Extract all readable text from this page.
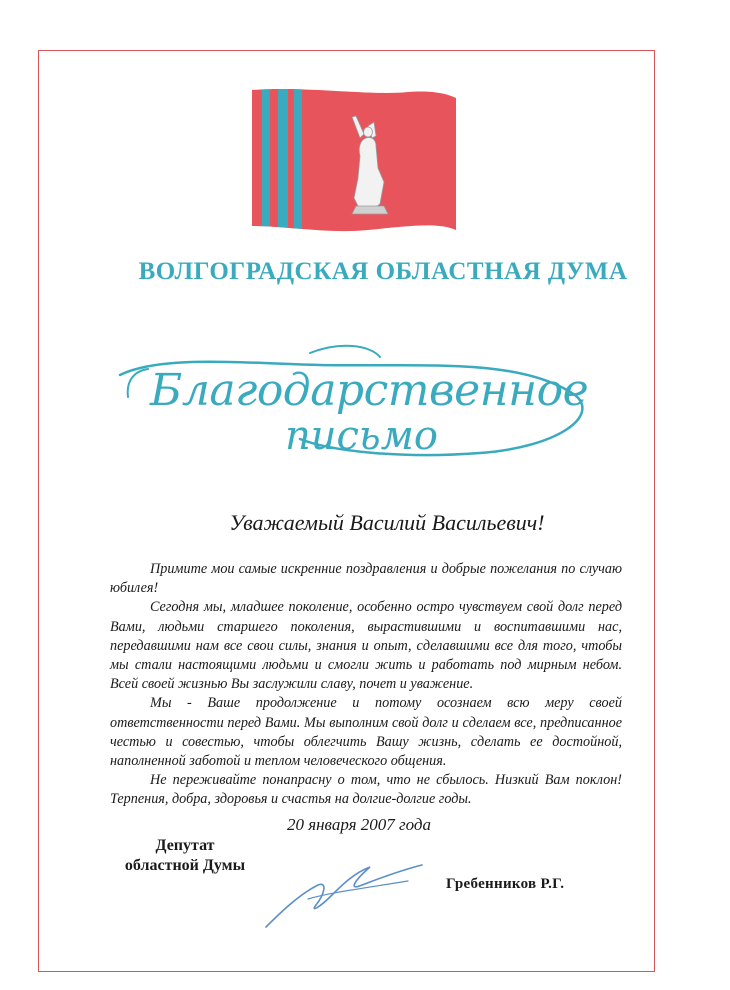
ВОЛГОГРАДСКАЯ ОБЛАСТНАЯ ДУМА
Благодарственное
письмо
Уважаемый Василий Васильевич!

Примите мои самые искренние поздравления и добрые пожелания по случаю юбилея!

Сегодня мы, младшее поколение, особенно остро чувствуем свой долг перед Вами, людьми старшего поколения, вырастившими и воспитавшими нас, передавшими нам все свои силы, знания и опыт, сделавшими все для того, чтобы мы стали настоящими людьми и смогли жить и работать под мирным небом. Всей своей жизнью Вы заслужили славу, почет и уважение.

Мы - Ваше продолжение и потому осознаем всю меру своей ответственности перед Вами. Мы выполним свой долг и сделаем все, предписанное честью и совестью, чтобы облегчить Вашу жизнь, сделать ее достойной, наполненной заботой и теплом человеческого общения.

Не переживайте понапрасну о том, что не сбылось. Низкий Вам поклон! Терпения, добра, здоровья и счастья на долгие-долгие годы.

20 января 2007 года
Депутат
областной Думы
Гребенников Р.Г.
